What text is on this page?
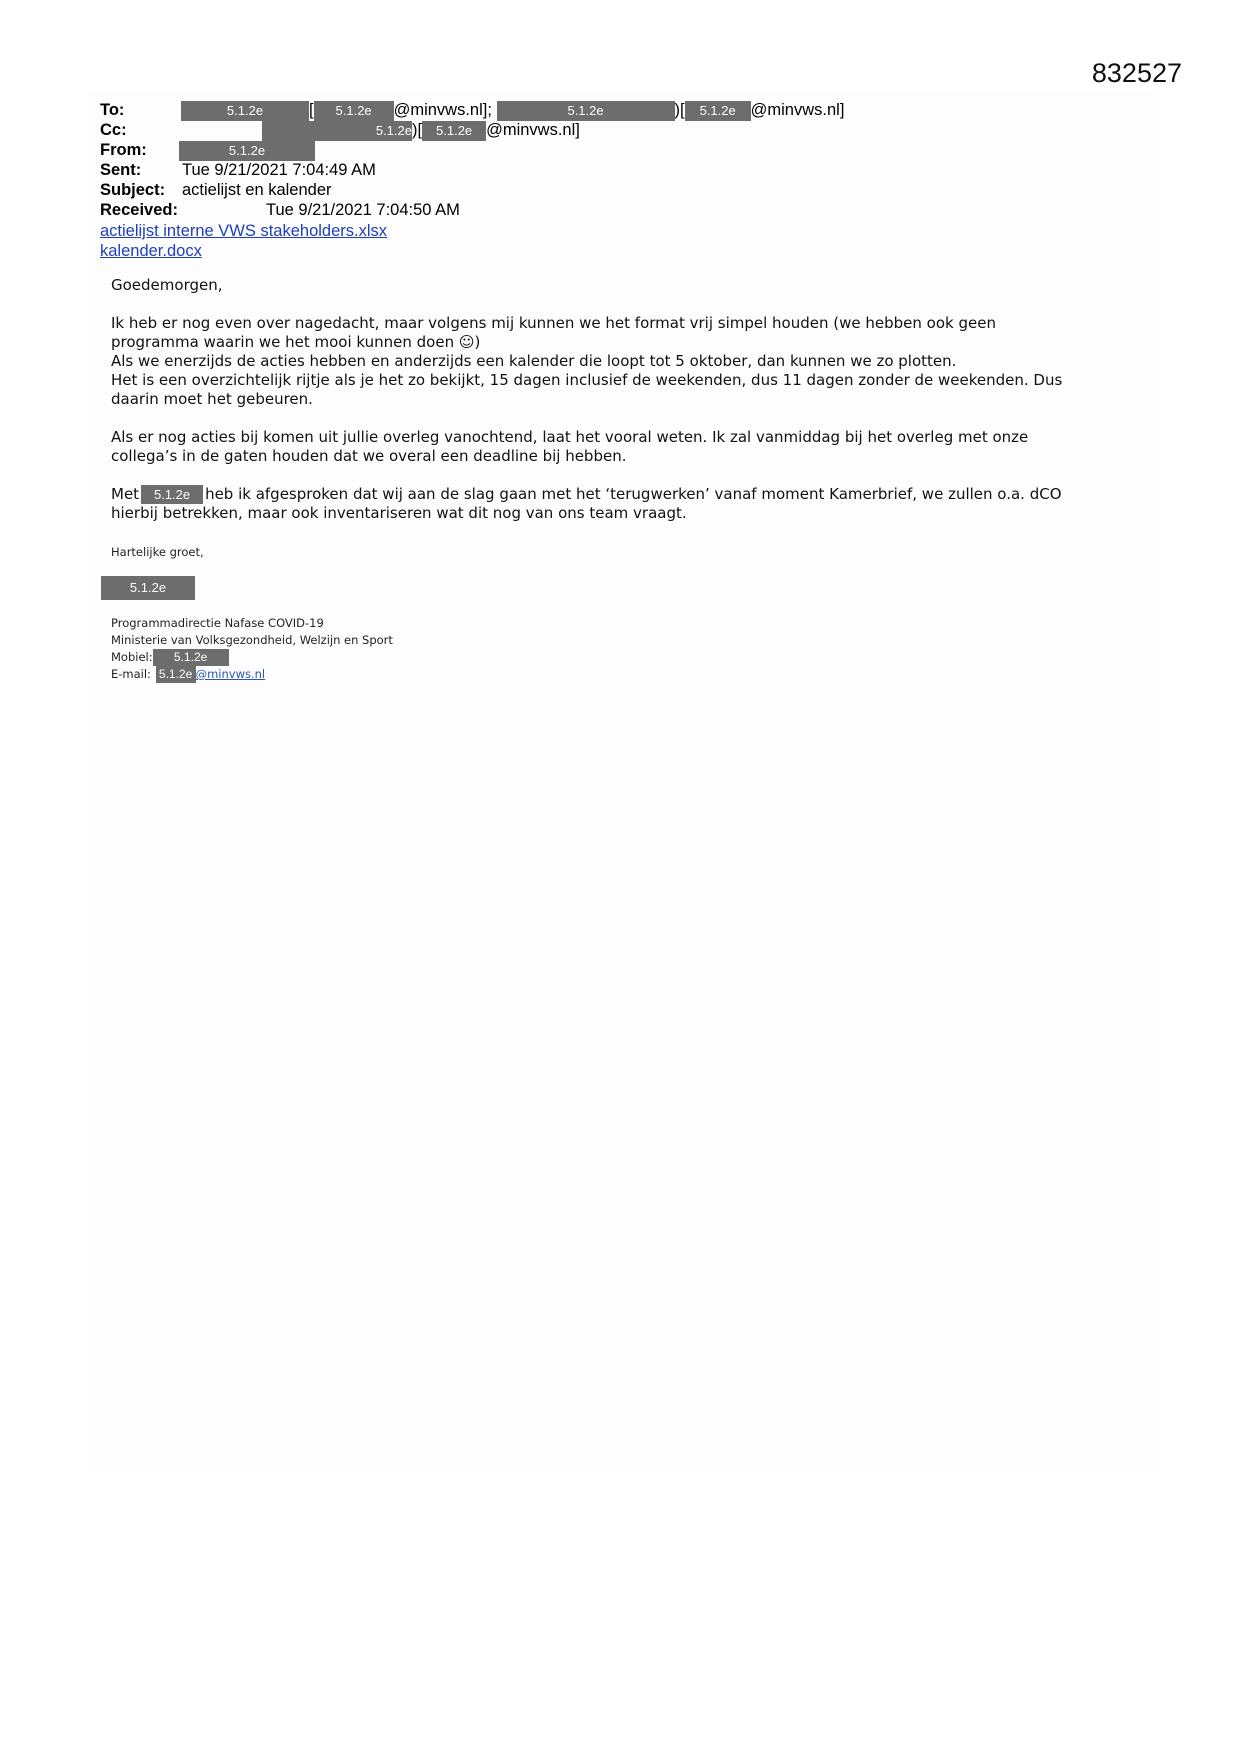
832527
To:	5.1.2e	[ 5.1.2e @minvws.nl];	5.1.2e	)[ 5.1.2e @minvws.nl]
Cc:	5.1.2e)[ 5.1.2e @minvws.nl]
From:	5.1.2e
Sent: Tue 9/21/2021 7:04:49 AM
Subject: actielijst en kalender
Received:	Tue 9/21/2021 7:04:50 AM
actielijst interne VWS stakeholders.xlsx
kalender.docx

Goedemorgen,

Ik heb er nog even over nagedacht, maar volgens mij kunnen we het format vrij simpel houden (we hebben ook geen

programma waarin we het mooi kunnen doen ☺)

Als we enerzijds de acties hebben en anderzijds een kalender die loopt tot 5 oktober, dan kunnen we zo plotten.

Het is een overzichtelijk rijtje als je het zo bekijkt, 15 dagen inclusief de weekenden, dus 11 dagen zonder de weekenden. Dus

daarin moet het gebeuren.

Als er nog acties bij komen uit jullie overleg vanochtend, laat het vooral weten. Ik zal vanmiddag bij het overleg met onze

collega’s in de gaten houden dat we overal een deadline bij hebben.

Met 5.1.2e heb ik afgesproken dat wij aan de slag gaan met het ‘terugwerken’ vanaf moment Kamerbrief, we zullen o.a. dCO

hierbij betrekken, maar ook inventariseren wat dit nog van ons team vraagt.

Hartelijke groet,
5.1.2e
Programmadirectie Nafase COVID-19
Ministerie van Volksgezondheid, Welzijn en Sport
Mobiel: 5.1.2e
E-mail: 5.1.2e @minvws.nl
